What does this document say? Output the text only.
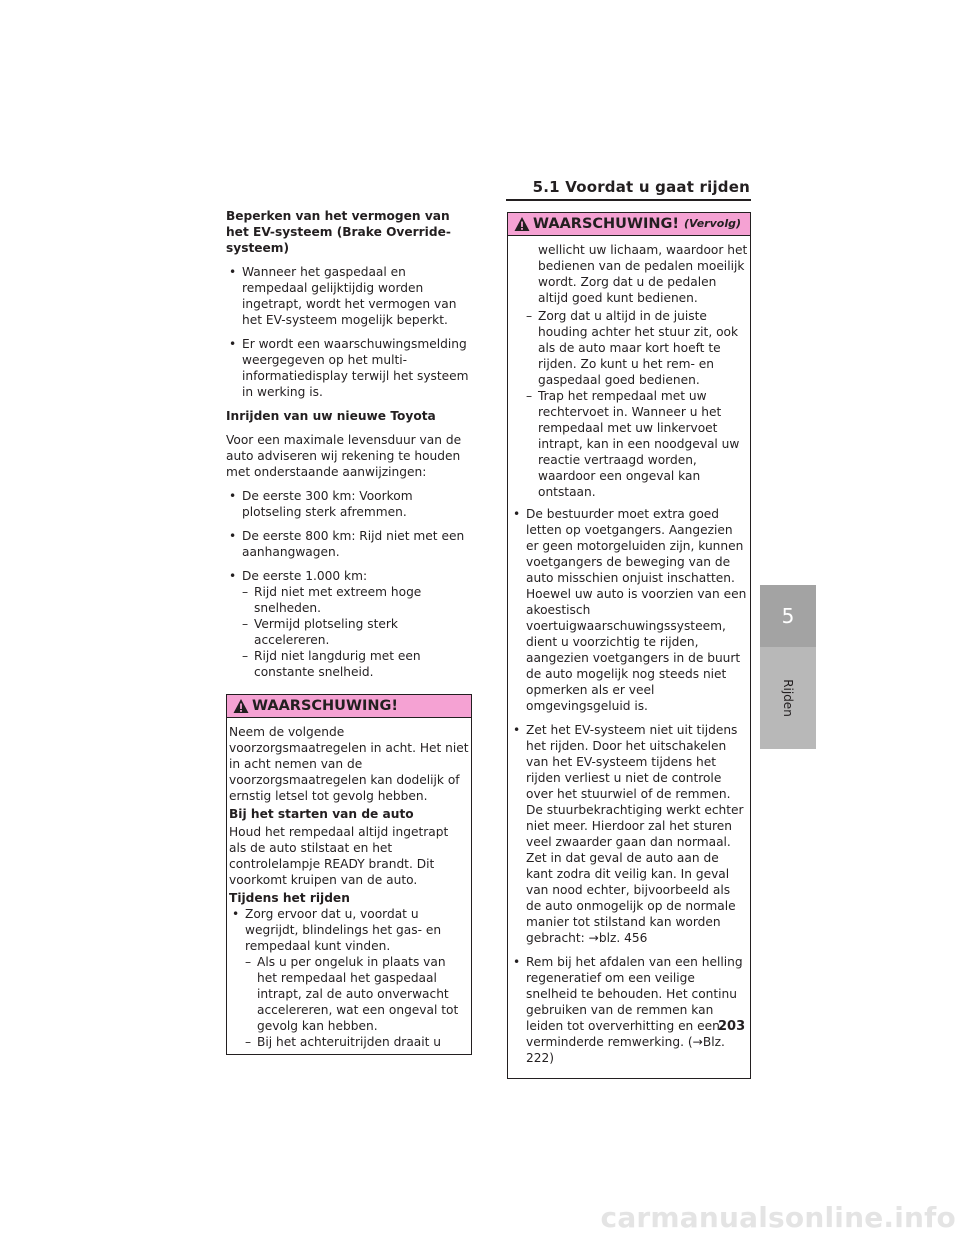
5.1 Voordat u gaat rijden
5
Rijden
Beperken van het vermogen van het EV-systeem (Brake Override-systeem)
• Wanneer het gaspedaal en rempedaal gelijktijdig worden ingetrapt, wordt het vermogen van het EV-systeem mogelijk beperkt.
• Er wordt een waarschuwingsmelding weergegeven op het multi-informatiedisplay terwijl het systeem in werking is.
Inrijden van uw nieuwe Toyota
Voor een maximale levensduur van de auto adviseren wij rekening te houden met onderstaande aanwijzingen:
• De eerste 300 km: Voorkom plotseling sterk afremmen.
• De eerste 800 km: Rijd niet met een aanhangwagen.
• De eerste 1.000 km:
– Rijd niet met extreem hoge snelheden.
– Vermijd plotseling sterk accelereren.
– Rijd niet langdurig met een constante snelheid.
WAARSCHUWING!
Neem de volgende voorzorgsmaatregelen in acht. Het niet in acht nemen van de voorzorgsmaatregelen kan dodelijk of ernstig letsel tot gevolg hebben.
Bij het starten van de auto
Houd het rempedaal altijd ingetrapt als de auto stilstaat en het controlelampje READY brandt. Dit voorkomt kruipen van de auto.
Tijdens het rijden
• Zorg ervoor dat u, voordat u wegrijdt, blindelings het gas- en rempedaal kunt vinden.
– Als u per ongeluk in plaats van het rempedaal het gaspedaal intrapt, zal de auto onverwacht accelereren, wat een ongeval tot gevolg kan hebben.
– Bij het achteruitrijden draait u
WAARSCHUWING! (Vervolg)
wellicht uw lichaam, waardoor het bedienen van de pedalen moeilijk wordt. Zorg dat u de pedalen altijd goed kunt bedienen.
– Zorg dat u altijd in de juiste houding achter het stuur zit, ook als de auto maar kort hoeft te rijden. Zo kunt u het rem- en gaspedaal goed bedienen.
– Trap het rempedaal met uw rechtervoet in. Wanneer u het rempedaal met uw linkervoet intrapt, kan in een noodgeval uw reactie vertraagd worden, waardoor een ongeval kan ontstaan.
• De bestuurder moet extra goed letten op voetgangers. Aangezien er geen motorgeluiden zijn, kunnen voetgangers de beweging van de auto misschien onjuist inschatten. Hoewel uw auto is voorzien van een akoestisch voertuigwaarschuwingssysteem, dient u voorzichtig te rijden, aangezien voetgangers in de buurt de auto mogelijk nog steeds niet opmerken als er veel omgevingsgeluid is.
• Zet het EV-systeem niet uit tijdens het rijden. Door het uitschakelen van het EV-systeem tijdens het rijden verliest u niet de controle over het stuurwiel of de remmen. De stuurbekrachtiging werkt echter niet meer. Hierdoor zal het sturen veel zwaarder gaan dan normaal. Zet in dat geval de auto aan de kant zodra dit veilig kan. In geval van nood echter, bijvoorbeeld als de auto onmogelijk op de normale manier tot stilstand kan worden gebracht: →blz. 456
• Rem bij het afdalen van een helling regeneratief om een veilige snelheid te behouden. Het continu gebruiken van de remmen kan leiden tot oververhitting en een verminderde remwerking. (→Blz. 222)
203
carmanualsonline.info
